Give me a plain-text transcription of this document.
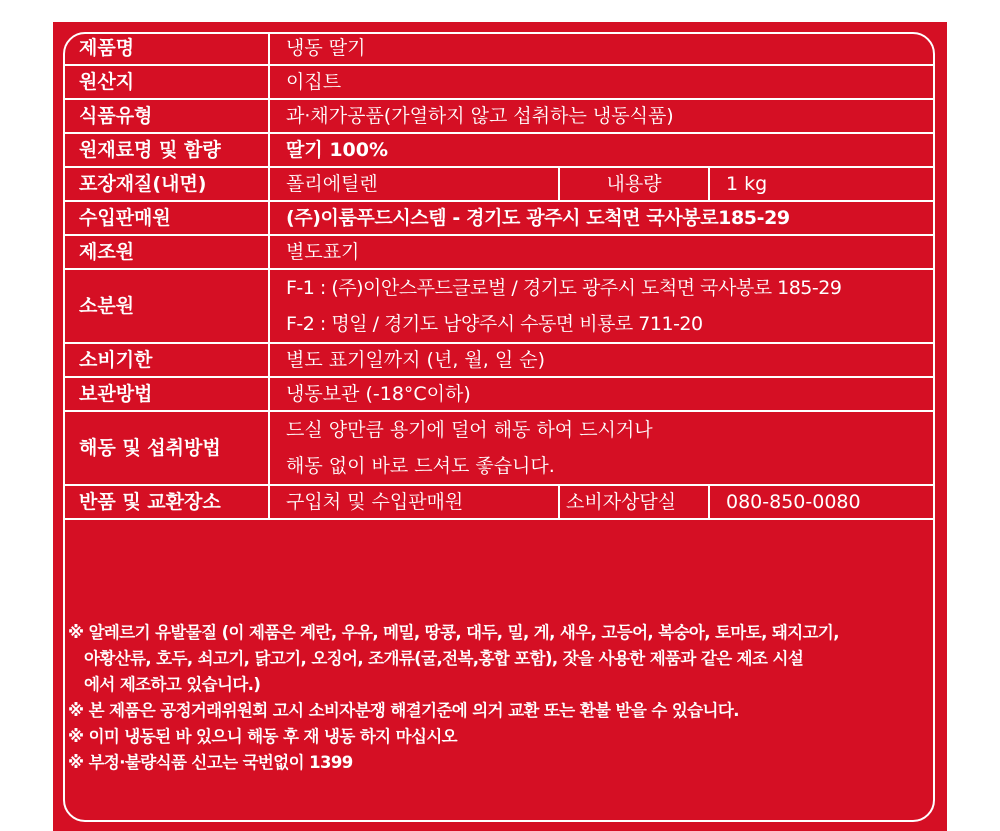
제품명	냉동 딸기		
원산지	이집트		
식품유형	과·채가공품(가열하지 않고 섭취하는 냉동식품)		
원재료명 및 함량	딸기 100%		
포장재질(내면)	폴리에틸렌	내용량	1 kg
수입판매원	(주)이룸푸드시스템 - 경기도 광주시 도척면 국사봉로185-29		
제조원	별도표기		
소분원	F-1 : (주)이안스푸드글로벌 / 경기도 광주시 도척면 국사봉로 185-29
F-2 : 명일 / 경기도 남양주시 수동면 비룡로 711-20		

소비기한	별도 표기일까지 (년, 월, 일 순)		
보관방법	냉동보관 (-18°C이하)		
해동 및 섭취방법	드실 양만큼 용기에 덜어 해동 하여 드시거나
해동 없이 바로 드셔도 좋습니다.		

반품 및 교환장소	구입처 및 수입판매원	소비자상담실	080-850-0080
※ 알레르기 유발물질 (이 제품은 계란, 우유, 메밀, 땅콩, 대두, 밀, 게, 새우, 고등어, 복숭아, 토마토, 돼지고기,
아황산류, 호두, 쇠고기, 닭고기, 오징어, 조개류(굴,전복,홍합 포함), 잣을 사용한 제품과 같은 제조 시설
에서 제조하고 있습니다.)
※ 본 제품은 공정거래위원회 고시 소비자분쟁 해결기준에 의거 교환 또는 환불 받을 수 있습니다.
※ 이미 냉동된 바 있으니 해동 후 재 냉동 하지 마십시오
※ 부정·불량식품 신고는 국번없이 1399
